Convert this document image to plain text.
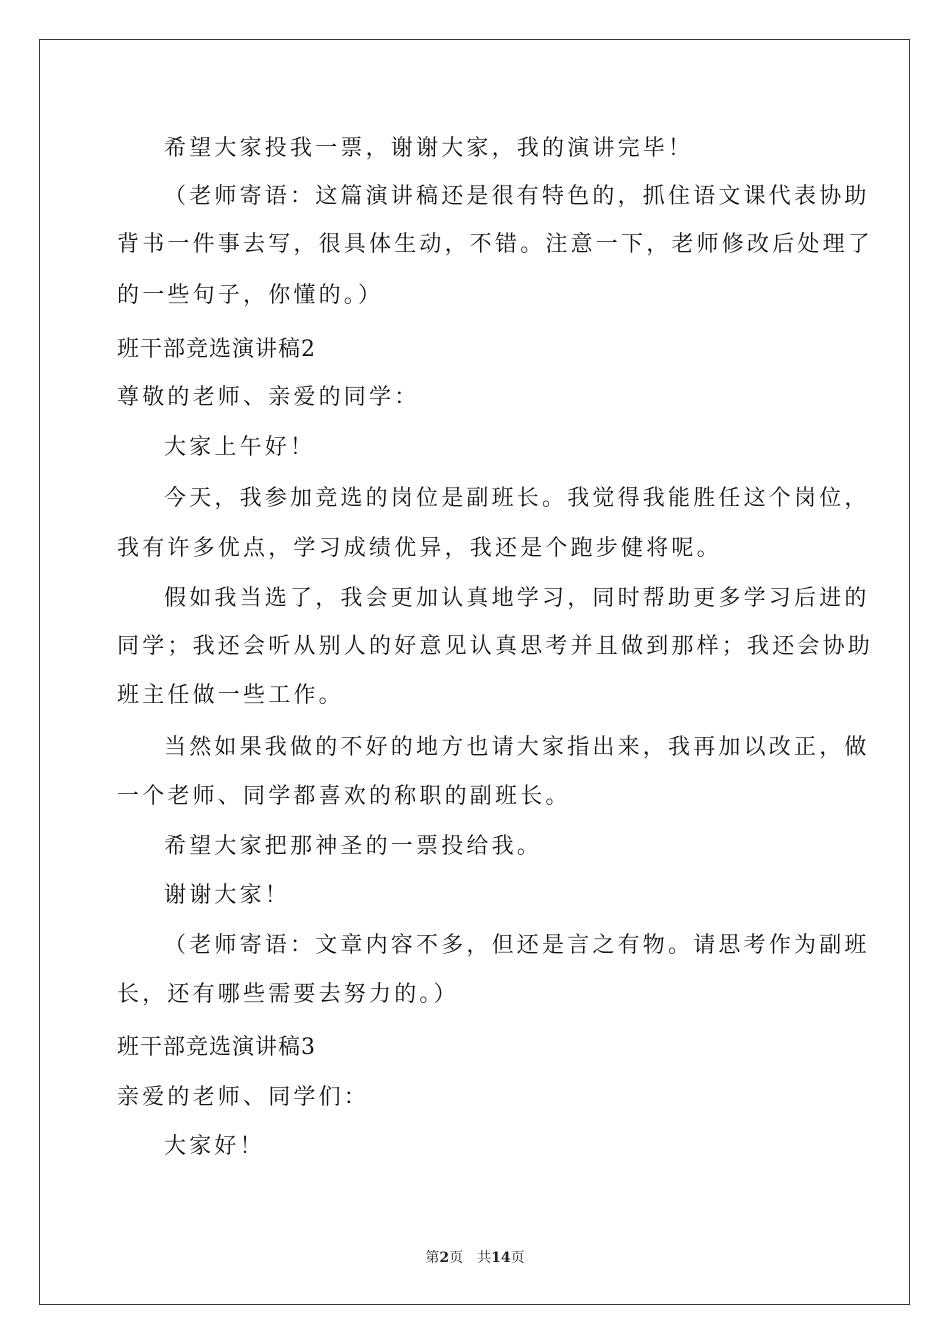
希望大家投我一票，谢谢大家，我的演讲完毕！

（老师寄语：这篇演讲稿还是很有特色的，抓住语文课代表协助

背书一件事去写，很具体生动，不错。注意一下，老师修改后处理了

的一些句子，你懂的。）

班干部竞选演讲稿2

尊敬的老师、亲爱的同学：

大家上午好！

今天，我参加竞选的岗位是副班长。我觉得我能胜任这个岗位，

我有许多优点，学习成绩优异，我还是个跑步健将呢。

假如我当选了，我会更加认真地学习，同时帮助更多学习后进的

同学；我还会听从别人的好意见认真思考并且做到那样；我还会协助

班主任做一些工作。

当然如果我做的不好的地方也请大家指出来，我再加以改正，做

一个老师、同学都喜欢的称职的副班长。

希望大家把那神圣的一票投给我。

谢谢大家！

（老师寄语：文章内容不多，但还是言之有物。请思考作为副班

长，还有哪些需要去努力的。）

班干部竞选演讲稿3

亲爱的老师、同学们：

大家好！

第2页 共14页
